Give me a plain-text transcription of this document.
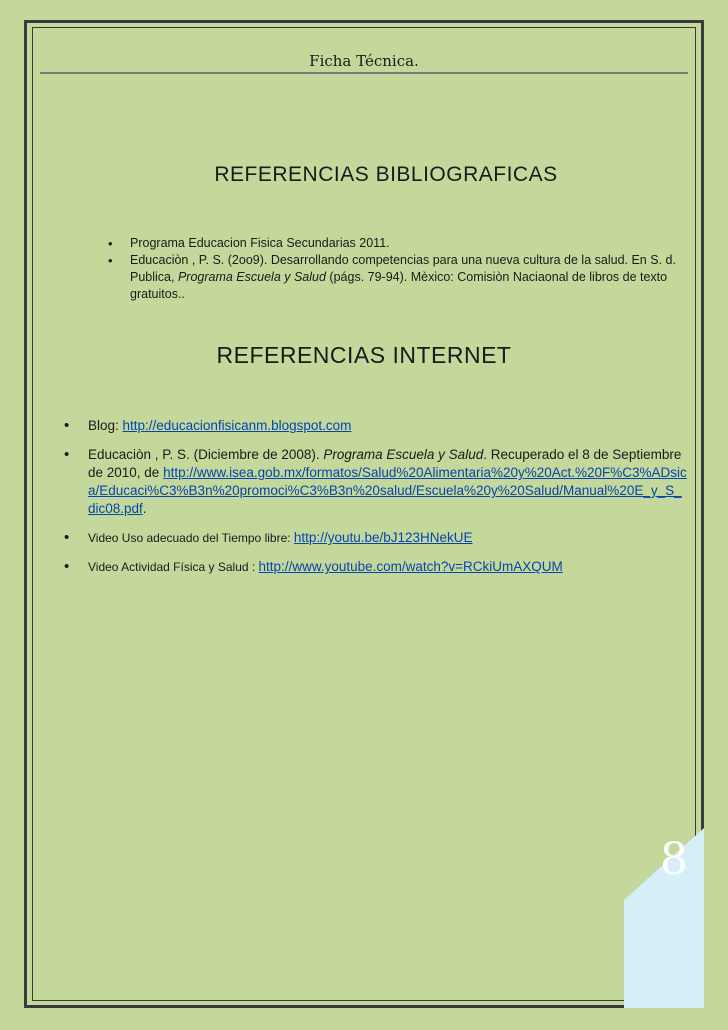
Ficha Técnica.
REFERENCIAS BIBLIOGRAFICAS
• Programa Educacion Fisica Secundarias 2011.
• Educaciòn , P. S. (2oo9). Desarrollando competencias para una nueva cultura de la salud. En S. d. Publica, Programa Escuela y Salud (págs. 79-94). Mèxico: Comisiòn Naciaonal de libros de texto gratuitos..
REFERENCIAS INTERNET
• Blog: http://educacionfisicanm.blogspot.com
• Educaciòn , P. S. (Diciembre de 2008). Programa Escuela y Salud. Recuperado el 8 de Septiembre de 2010, de http://www.isea.gob.mx/formatos/Salud%20Alimentaria%20y%20Act.%20F%C3%ADsica/Educaci%C3%B3n%20promoci%C3%B3n%20salud/Escuela%20y%20Salud/Manual%20E_y_S_dic08.pdf.
• Video Uso adecuado del Tiempo libre: http://youtu.be/bJ123HNekUE
• Video Actividad Física y Salud : http://www.youtube.com/watch?v=RCkiUmAXQUM
8
